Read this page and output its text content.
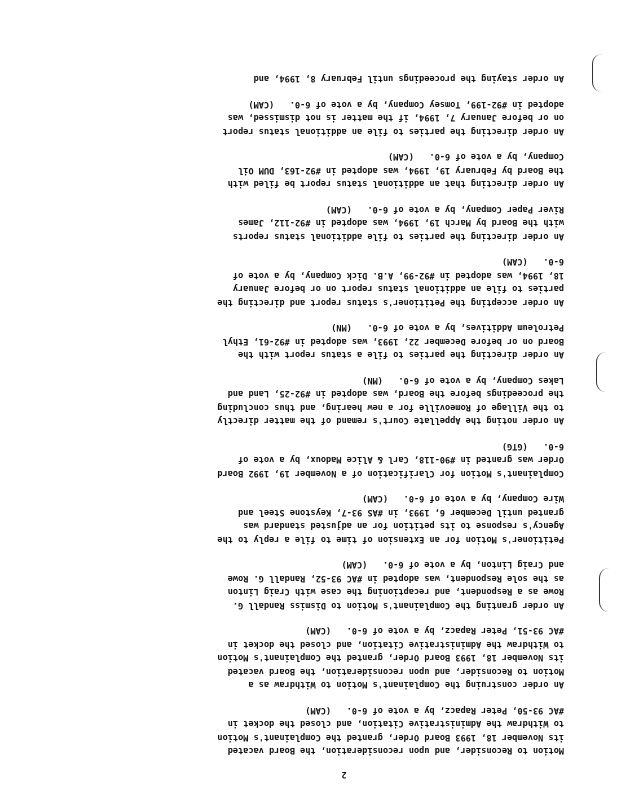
2
Motion to Reconsider, and upon reconsideration, the Board vacated
its November 18, 1993 Board Order, granted the Complainant's Motion
to Withdraw the Administrative Citation, and closed the docket in
#AC 93-50, Peter Rapacz, by a vote of 6-0.   (CAM)
An order construing the Complainant's Motion to Withdraw as a
Motion to Reconsider, and upon reconsideration, the Board vacated
its November 18, 1993 Board Order, granted the Complainant's Motion
to Withdraw the Administrative Citation, and closed the docket in
#AC 93-51, Peter Rapacz, by a vote of 6-0.   (CAM)
An order granting the Complainant's Motion to Dismiss Randall G.
Rowe as a Respondent, and recaptioning the case with Craig Linton
as the sole Respondent, was adopted in #AC 93-52, Randall G. Rowe
and Craig Linton, by a vote of 6-0.   (CAM)
Petitioner's Motion for an Extension of time to file a reply to the
Agency's response to its petition for an adjusted standard was
granted until December 6, 1993, in #AS 93-7, Keystone Steel and
Wire Company, by a vote of 6-0.   (CAM)
Complainant's Motion for Clarification of a November 19, 1992 Board
Order was granted in #90-118, Carl & Alice Madoux, by a vote of
6-0.   (GTG)
An order noting the Appellate Court's remand of the matter directly
to the Village of Romeoville for a new hearing, and thus concluding
the proceedings before the Board, was adopted in #92-25, Land and
Lakes Company, by a vote of 6-0.   (MN)
An order directing the parties to file a status report with the
Board on or before December 22, 1993, was adopted in #92-61, Ethyl
Petroleum Additives, by a vote of 6-0.   (MN)
An order accepting the Petitioner's status report and directing the
parties to file an additional status report on or before January
18, 1994, was adopted in #92-99, A.B. Dick Company, by a vote of
6-0.   (CAM)
An order directing the parties to file additional status reports
with the Board by March 19, 1994, was adopted in #92-112, James
River Paper Company, by a vote of 6-0.   (CAM)
An order directing that an additional status report be filed with
the Board by February 19, 1994, was adopted in #92-163, DUM Oil
Company, by a vote of 6-0.   (CAM)
An order directing the parties to file an additional status report
on or before January 7, 1994, if the matter is not dismissed, was
adopted in #92-199, Tomsey Company, by a vote of 6-0.   (CAM)
An order staying the proceedings until February 8, 1994, and
